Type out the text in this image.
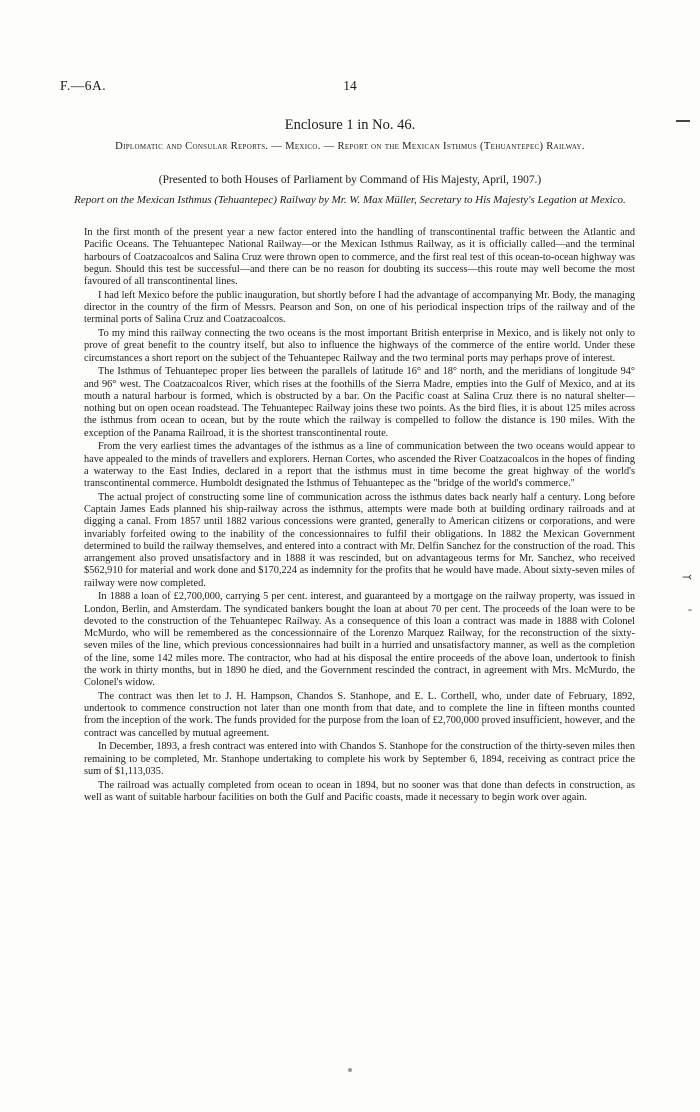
F.—6A.	14
Enclosure 1 in No. 46.
Diplomatic and Consular Reports. — Mexico. — Report on the Mexican Isthmus (Tehuantepec) Railway.
(Presented to both Houses of Parliament by Command of His Majesty, April, 1907.)
Report on the Mexican Isthmus (Tehuantepec) Railway by Mr. W. Max Müller, Secretary to His Majesty's Legation at Mexico.

In the first month of the present year a new factor entered into the handling of transcontinental traffic between the Atlantic and Pacific Oceans. The Tehuantepec National Railway—or the Mexican Isthmus Railway, as it is officially called—and the terminal harbours of Coatzacoalcos and Salina Cruz were thrown open to commerce, and the first real test of this ocean-to-ocean highway was begun. Should this test be successful—and there can be no reason for doubting its success—this route may well become the most favoured of all transcontinental lines.

I had left Mexico before the public inauguration, but shortly before I had the advantage of accompanying Mr. Body, the managing director in the country of the firm of Messrs. Pearson and Son, on one of his periodical inspection trips of the railway and of the terminal ports of Salina Cruz and Coatzacoalcos.

To my mind this railway connecting the two oceans is the most important British enterprise in Mexico, and is likely not only to prove of great benefit to the country itself, but also to influence the highways of the commerce of the entire world. Under these circumstances a short report on the subject of the Tehuantepec Railway and the two terminal ports may perhaps prove of interest.

The Isthmus of Tehuantepec proper lies between the parallels of latitude 16° and 18° north, and the meridians of longitude 94° and 96° west. The Coatzacoalcos River, which rises at the foothills of the Sierra Madre, empties into the Gulf of Mexico, and at its mouth a natural harbour is formed, which is obstructed by a bar. On the Pacific coast at Salina Cruz there is no natural shelter—nothing but on open ocean roadstead. The Tehuantepec Railway joins these two points. As the bird flies, it is about 125 miles across the isthmus from ocean to ocean, but by the route which the railway is compelled to follow the distance is 190 miles. With the exception of the Panama Railroad, it is the shortest transcontinental route.

From the very earliest times the advantages of the isthmus as a line of communication between the two oceans would appear to have appealed to the minds of travellers and explorers. Hernan Cortes, who ascended the River Coatzacoalcos in the hopes of finding a waterway to the East Indies, declared in a report that the isthmus must in time become the great highway of the world's transcontinental commerce. Humboldt designated the Isthmus of Tehuantepec as the "bridge of the world's commerce."

The actual project of constructing some line of communication across the isthmus dates back nearly half a century. Long before Captain James Eads planned his ship-railway across the isthmus, attempts were made both at building ordinary railroads and at digging a canal. From 1857 until 1882 various concessions were granted, generally to American citizens or corporations, and were invariably forfeited owing to the inability of the concessionnaires to fulfil their obligations. In 1882 the Mexican Government determined to build the railway themselves, and entered into a contract with Mr. Delfin Sanchez for the construction of the road. This arrangement also proved unsatisfactory and in 1888 it was rescinded, but on advantageous terms for Mr. Sanchez, who received $562,910 for material and work done and $170,224 as indemnity for the profits that he would have made. About sixty-seven miles of railway were now completed.

In 1888 a loan of £2,700,000, carrying 5 per cent. interest, and guaranteed by a mortgage on the railway property, was issued in London, Berlin, and Amsterdam. The syndicated bankers bought the loan at about 70 per cent. The proceeds of the loan were to be devoted to the construction of the Tehuantepec Railway. As a consequence of this loan a contract was made in 1888 with Colonel McMurdo, who will be remembered as the concessionnaire of the Lorenzo Marquez Railway, for the reconstruction of the sixty-seven miles of the line, which previous concessionnaires had built in a hurried and unsatisfactory manner, as well as the completion of the line, some 142 miles more. The contractor, who had at his disposal the entire proceeds of the above loan, undertook to finish the work in thirty months, but in 1890 he died, and the Government rescinded the contract, in agreement with Mrs. McMurdo, the Colonel's widow.

The contract was then let to J. H. Hampson, Chandos S. Stanhope, and E. L. Corthell, who, under date of February, 1892, undertook to commence construction not later than one month from that date, and to complete the line in fifteen months counted from the inception of the work. The funds provided for the purpose from the loan of £2,700,000 proved insufficient, however, and the contract was cancelled by mutual agreement.

In December, 1893, a fresh contract was entered into with Chandos S. Stanhope for the construction of the thirty-seven miles then remaining to be completed, Mr. Stanhope undertaking to complete his work by September 6, 1894, receiving as contract price the sum of $1,113,035.

The railroad was actually completed from ocean to ocean in 1894, but no sooner was that done than defects in construction, as well as want of suitable harbour facilities on both the Gulf and Pacific coasts, made it necessary to begin work over again.

⤙
-
